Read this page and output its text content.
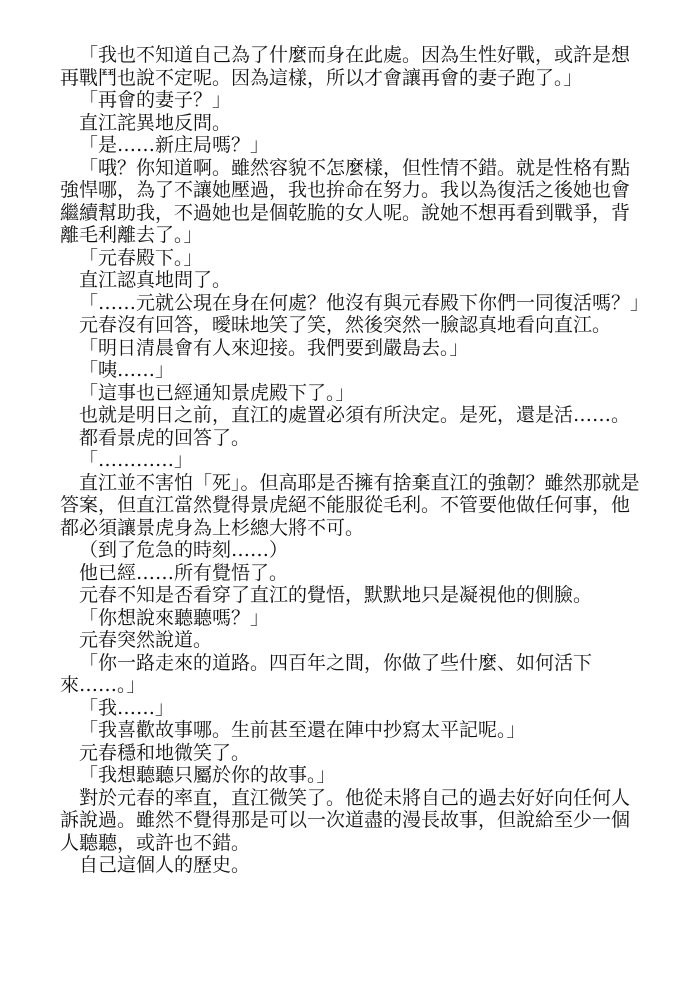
「我也不知道自己為了什麼而身在此處。因為生性好戰，或許是想再戰鬥也說不定呢。因為這樣，所以才會讓再會的妻子跑了。」

「再會的妻子？」

直江詫異地反問。

「是……新庄局嗎？」

「哦？你知道啊。雖然容貌不怎麼樣，但性情不錯。就是性格有點強悍哪，為了不讓她壓過，我也拚命在努力。我以為復活之後她也會繼續幫助我，不過她也是個乾脆的女人呢。說她不想再看到戰爭，背離毛利離去了。」

「元春殿下。」

直江認真地問了。

「……元就公現在身在何處？他沒有與元春殿下你們一同復活嗎？」

元春沒有回答，曖昧地笑了笑，然後突然一臉認真地看向直江。

「明日清晨會有人來迎接。我們要到嚴島去。」

「咦……」

「這事也已經通知景虎殿下了。」

也就是明日之前，直江的處置必須有所決定。是死，還是活……。

都看景虎的回答了。

「…………」

直江並不害怕「死」。但高耶是否擁有捨棄直江的強韌？雖然那就是答案，但直江當然覺得景虎絕不能服從毛利。不管要他做任何事，他都必須讓景虎身為上杉總大將不可。

（到了危急的時刻……）

他已經……所有覺悟了。

元春不知是否看穿了直江的覺悟，默默地只是凝視他的側臉。

「你想說來聽聽嗎？」

元春突然說道。

「你一路走來的道路。四百年之間，你做了些什麼、如何活下來……。」

「我……」

「我喜歡故事哪。生前甚至還在陣中抄寫太平記呢。」

元春穩和地微笑了。

「我想聽聽只屬於你的故事。」

對於元春的率直，直江微笑了。他從未將自己的過去好好向任何人訴說過。雖然不覺得那是可以一次道盡的漫長故事，但說給至少一個人聽聽，或許也不錯。

自己這個人的歷史。
